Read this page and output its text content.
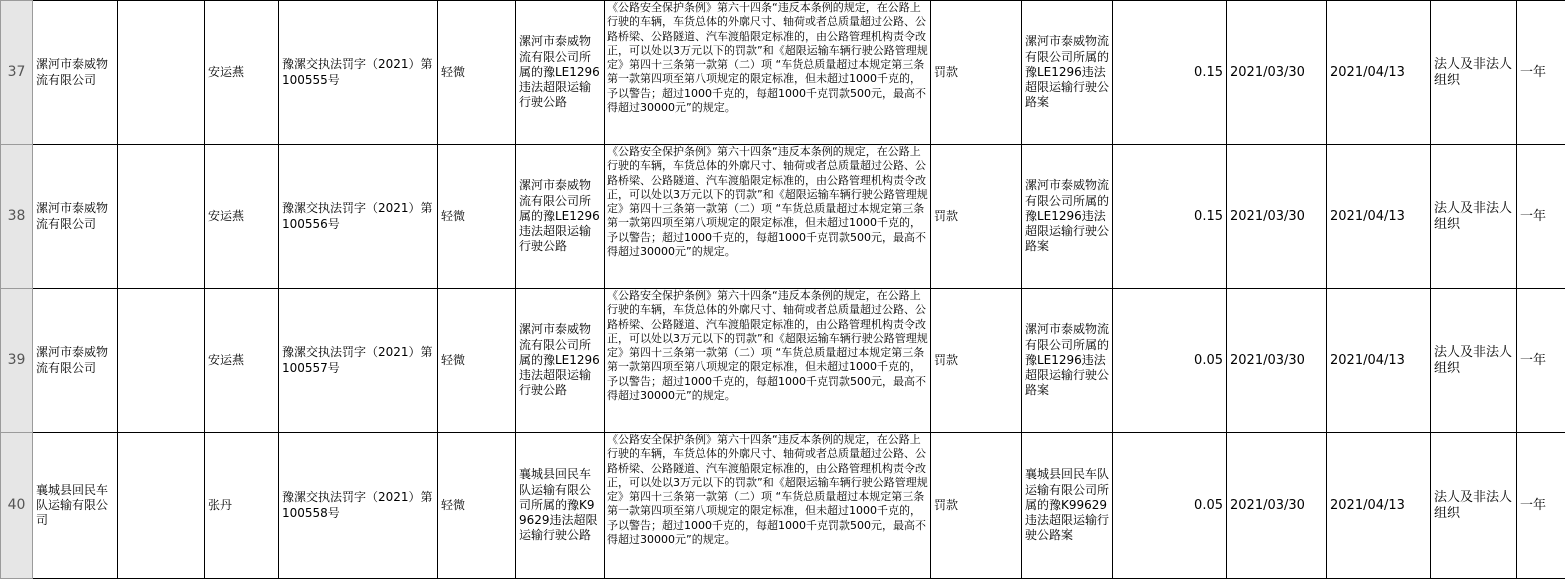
37	漯河市泰威物流有限公司		安运燕	豫漯交执法罚字（2021）第100555号	轻微	漯河市泰威物流有限公司所属的豫LE1296违法超限运输行驶公路	《公路安全保护条例》第六十四条“违反本条例的规定，在公路上行驶的车辆，车货总体的外廓尺寸、轴荷或者总质量超过公路、公路桥梁、公路隧道、汽车渡船限定标准的，由公路管理机构责令改正，可以处以3万元以下的罚款”和《超限运输车辆行驶公路管理规定》第四十三条第一款第（二）项 “车货总质量超过本规定第三条第一款第四项至第八项规定的限定标准，但未超过1000千克的，予以警告；超过1000千克的，每超1000千克罚款500元，最高不得超过30000元”的规定。	罚款	漯河市泰威物流有限公司所属的豫LE1296违法超限运输行驶公路案	0.15	2021/03/30	2021/04/13	法人及非法人组织	一年
38	漯河市泰威物流有限公司		安运燕	豫漯交执法罚字（2021）第100556号	轻微	漯河市泰威物流有限公司所属的豫LE1296违法超限运输行驶公路	《公路安全保护条例》第六十四条“违反本条例的规定，在公路上行驶的车辆，车货总体的外廓尺寸、轴荷或者总质量超过公路、公路桥梁、公路隧道、汽车渡船限定标准的，由公路管理机构责令改正，可以处以3万元以下的罚款”和《超限运输车辆行驶公路管理规定》第四十三条第一款第（二）项 “车货总质量超过本规定第三条第一款第四项至第八项规定的限定标准，但未超过1000千克的，予以警告；超过1000千克的，每超1000千克罚款500元，最高不得超过30000元”的规定。	罚款	漯河市泰威物流有限公司所属的豫LE1296违法超限运输行驶公路案	0.15	2021/03/30	2021/04/13	法人及非法人组织	一年
39	漯河市泰威物流有限公司		安运燕	豫漯交执法罚字（2021）第100557号	轻微	漯河市泰威物流有限公司所属的豫LE1296违法超限运输行驶公路	《公路安全保护条例》第六十四条“违反本条例的规定，在公路上行驶的车辆，车货总体的外廓尺寸、轴荷或者总质量超过公路、公路桥梁、公路隧道、汽车渡船限定标准的，由公路管理机构责令改正，可以处以3万元以下的罚款”和《超限运输车辆行驶公路管理规定》第四十三条第一款第（二）项 “车货总质量超过本规定第三条第一款第四项至第八项规定的限定标准，但未超过1000千克的，予以警告；超过1000千克的，每超1000千克罚款500元，最高不得超过30000元”的规定。	罚款	漯河市泰威物流有限公司所属的豫LE1296违法超限运输行驶公路案	0.05	2021/03/30	2021/04/13	法人及非法人组织	一年
40	襄城县回民车队运输有限公司		张丹	豫漯交执法罚字（2021）第100558号	轻微	襄城县回民车队运输有限公司所属的豫K99629违法超限运输行驶公路	《公路安全保护条例》第六十四条“违反本条例的规定，在公路上行驶的车辆，车货总体的外廓尺寸、轴荷或者总质量超过公路、公路桥梁、公路隧道、汽车渡船限定标准的，由公路管理机构责令改正，可以处以3万元以下的罚款”和《超限运输车辆行驶公路管理规定》第四十三条第一款第（二）项 “车货总质量超过本规定第三条第一款第四项至第八项规定的限定标准，但未超过1000千克的，予以警告；超过1000千克的，每超1000千克罚款500元，最高不得超过30000元”的规定。	罚款	襄城县回民车队运输有限公司所属的豫K99629违法超限运输行驶公路案	0.05	2021/03/30	2021/04/13	法人及非法人组织	一年
